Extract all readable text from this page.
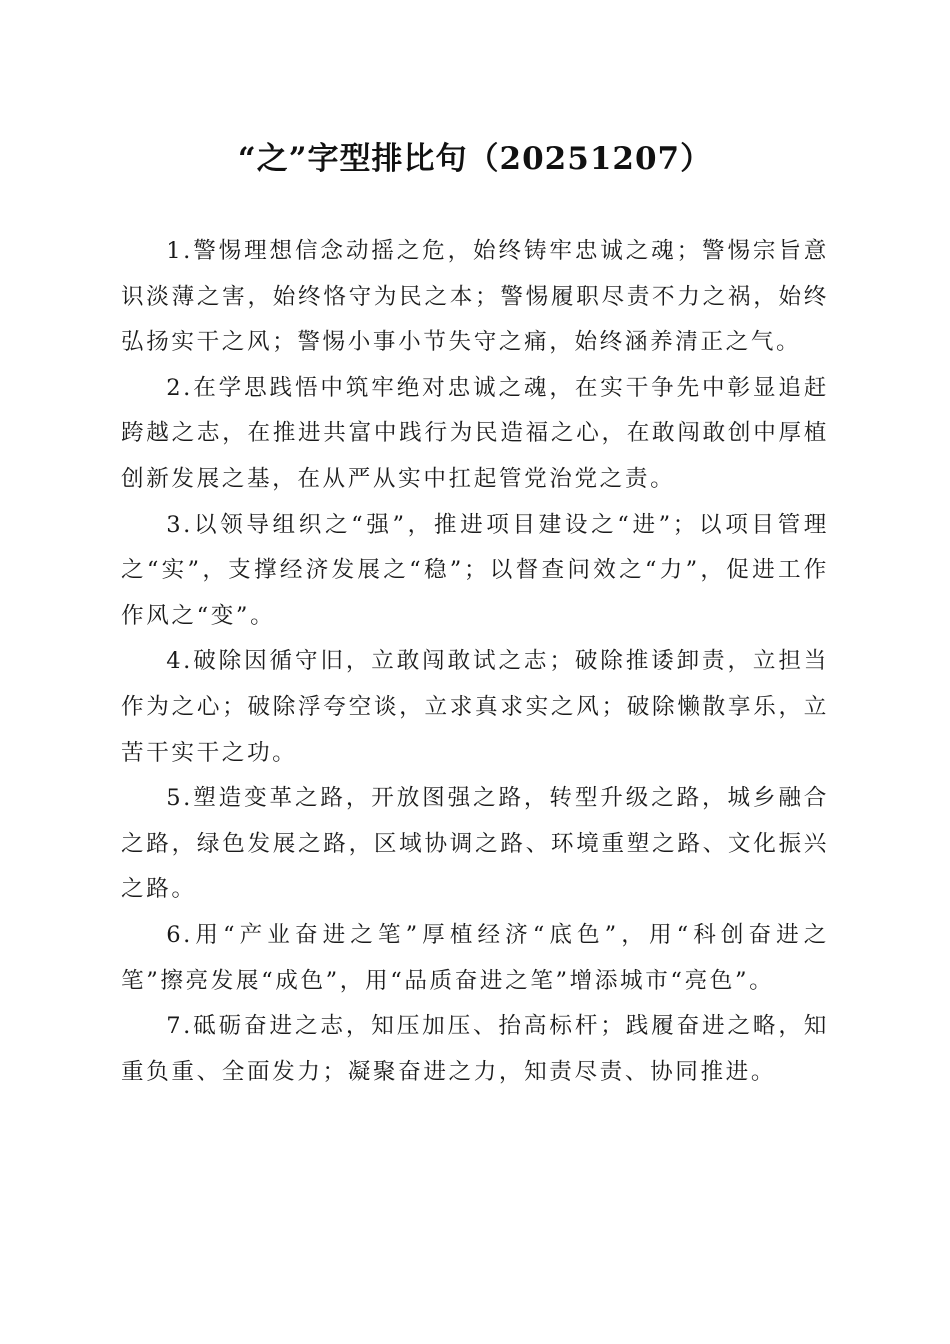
“之”字型排比句（20251207）

1.警惕理想信念动摇之危，始终铸牢忠诚之魂；警惕宗旨意识淡薄之害，始终恪守为民之本；警惕履职尽责不力之祸，始终弘扬实干之风；警惕小事小节失守之痛，始终涵养清正之气。

2.在学思践悟中筑牢绝对忠诚之魂，在实干争先中彰显追赶跨越之志，在推进共富中践行为民造福之心，在敢闯敢创中厚植创新发展之基，在从严从实中扛起管党治党之责。

3.以领导组织之“强”，推进项目建设之“进”；以项目管理之“实”，支撑经济发展之“稳”；以督查问效之“力”，促进工作作风之“变”。

4.破除因循守旧，立敢闯敢试之志；破除推诿卸责，立担当作为之心；破除浮夸空谈，立求真求实之风；破除懒散享乐，立苦干实干之功。

5.塑造变革之路，开放图强之路，转型升级之路，城乡融合之路，绿色发展之路，区域协调之路、环境重塑之路、文化振兴之路。

6.用“产业奋进之笔”厚植经济“底色”，用“科创奋进之笔”擦亮发展“成色”，用“品质奋进之笔”增添城市“亮色”。

7.砥砺奋进之志，知压加压、抬高标杆；践履奋进之略，知重负重、全面发力；凝聚奋进之力，知责尽责、协同推进。
